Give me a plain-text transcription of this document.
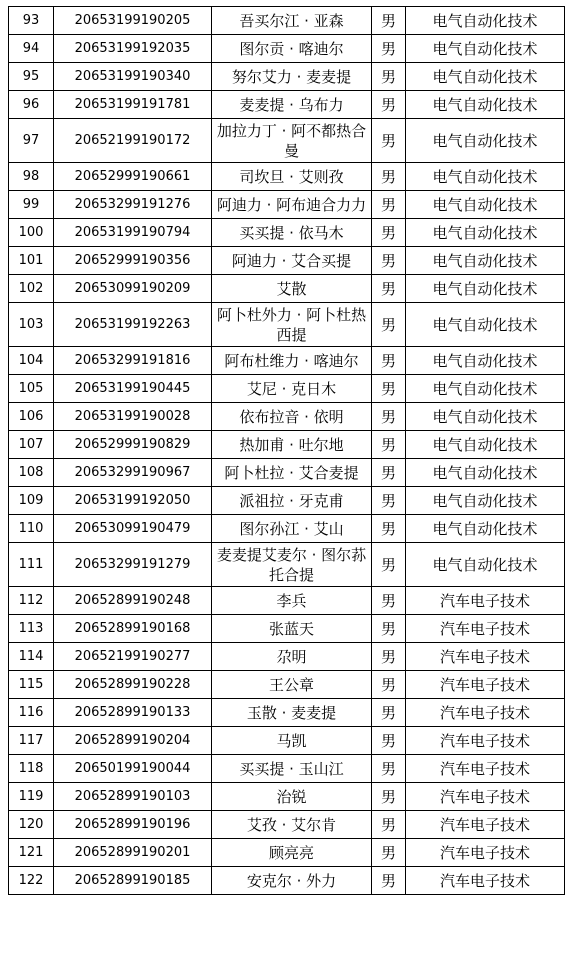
93	20653199190205	吾买尔江 · 亚森	男	电气自动化技术
94	20653199192035	图尔贡 · 喀迪尔	男	电气自动化技术
95	20653199190340	努尔艾力 · 麦麦提	男	电气自动化技术
96	20653199191781	麦麦提 · 乌布力	男	电气自动化技术
97	20652199190172	加拉力丁 · 阿不都热合曼	男	电气自动化技术
98	20652999190661	司坎旦 · 艾则孜	男	电气自动化技术
99	20653299191276	阿迪力 · 阿布迪合力力	男	电气自动化技术
100	20653199190794	买买提 · 依马木	男	电气自动化技术
101	20652999190356	阿迪力 · 艾合买提	男	电气自动化技术
102	20653099190209	艾散	男	电气自动化技术
103	20653199192263	阿卜杜外力 · 阿卜杜热西提	男	电气自动化技术
104	20653299191816	阿布杜维力 · 喀迪尔	男	电气自动化技术
105	20653199190445	艾尼 · 克日木	男	电气自动化技术
106	20653199190028	依布拉音 · 依明	男	电气自动化技术
107	20652999190829	热加甫 · 吐尔地	男	电气自动化技术
108	20653299190967	阿卜杜拉 · 艾合麦提	男	电气自动化技术
109	20653199192050	派祖拉 · 牙克甫	男	电气自动化技术
110	20653099190479	图尔孙江 · 艾山	男	电气自动化技术
111	20653299191279	麦麦提艾麦尔 · 图尔荪托合提	男	电气自动化技术
112	20652899190248	李兵	男	汽车电子技术
113	20652899190168	张蓝天	男	汽车电子技术
114	20652199190277	尕明	男	汽车电子技术
115	20652899190228	王公章	男	汽车电子技术
116	20652899190133	玉散 · 麦麦提	男	汽车电子技术
117	20652899190204	马凯	男	汽车电子技术
118	20650199190044	买买提 · 玉山江	男	汽车电子技术
119	20652899190103	治锐	男	汽车电子技术
120	20652899190196	艾孜 · 艾尔肯	男	汽车电子技术
121	20652899190201	顾亮亮	男	汽车电子技术
122	20652899190185	安克尔 · 外力	男	汽车电子技术
